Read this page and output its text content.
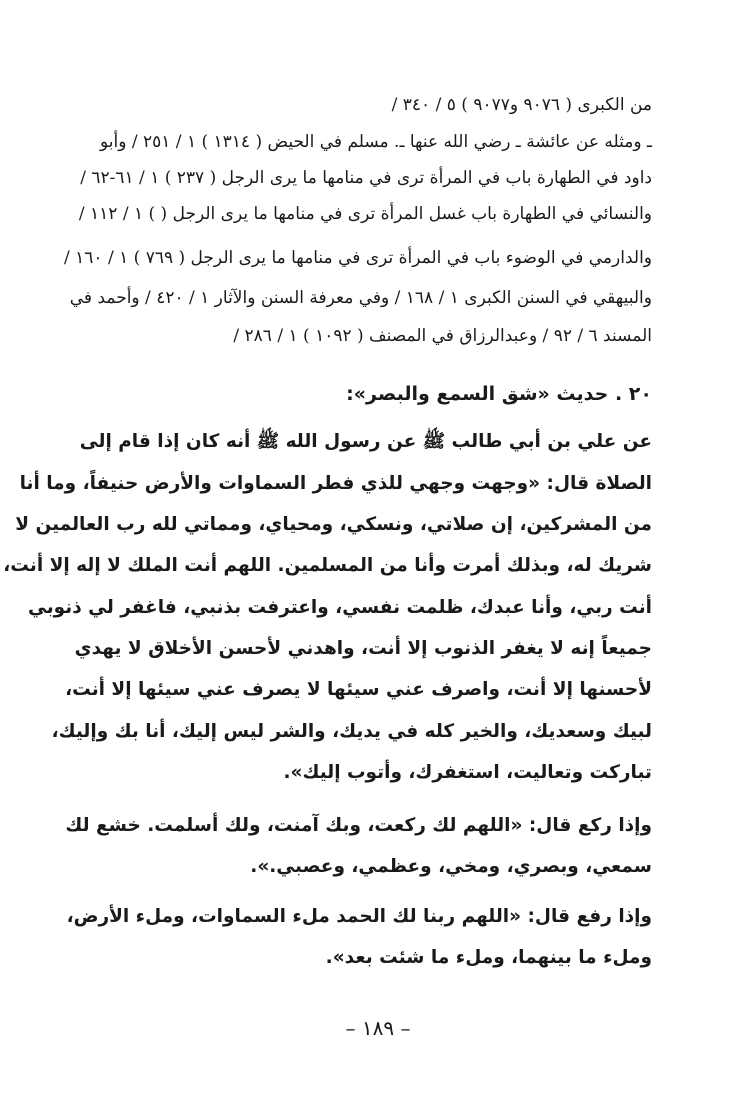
من الكبرى ( ٩٠٧٦ و٩٠٧٧ ) ٥ / ٣٤٠ /
ـ ومثله عن عائشة ـ رضي الله عنها ـ. مسلم في الحيض ( ١٣١٤ ) ١ / ٢٥١ / وأبو
داود في الطهارة باب في المرأة ترى في منامها ما يرى الرجل ( ٢٣٧ ) ١ / ٦١-٦٢ /
والنسائي في الطهارة باب غسل المرأة ترى في منامها ما يرى الرجل ( ) ١ / ١١٢ /
والدارمي في الوضوء باب في المرأة ترى في منامها ما يرى الرجل ( ٧٦٩ ) ١ / ١٦٠ /
والبيهقي في السنن الكبرى ١ / ١٦٨ / وفي معرفة السنن والآثار ١ / ٤٢٠ / وأحمد في
المسند ٦ / ٩٢ / وعبدالرزاق في المصنف ( ١٠٩٢ ) ١ / ٢٨٦ /
٢٠ . حديث «شق السمع والبصر»:
عن علي بن أبي طالب ﷺ عن رسول الله ﷺ أنه كان إذا قام إلى
الصلاة قال: «وجهت وجهي للذي فطر السماوات والأرض حنيفاً، وما أنا
من المشركين، إن صلاتي، ونسكي، ومحياي، ومماتي لله رب العالمين لا
شريك له، وبذلك أمرت وأنا من المسلمين. اللهم أنت الملك لا إله إلا أنت،
أنت ربي، وأنا عبدك، ظلمت نفسي، واعترفت بذنبي، فاغفر لي ذنوبي
جميعاً إنه لا يغفر الذنوب إلا أنت، واهدني لأحسن الأخلاق لا يهدي
لأحسنها إلا أنت، واصرف عني سيئها لا يصرف عني سيئها إلا أنت،
لبيك وسعديك، والخير كله في يديك، والشر ليس إليك، أنا بك وإليك،
تباركت وتعاليت، استغفرك، وأتوب إليك».
وإذا ركع قال: «اللهم لك ركعت، وبك آمنت، ولك أسلمت. خشع لك
سمعي، وبصري، ومخي، وعظمي، وعصبي.».
وإذا رفع قال: «اللهم ربنا لك الحمد ملء السماوات، وملء الأرض،
وملء ما بينهما، وملء ما شئت بعد».
– ١٨٩ –
